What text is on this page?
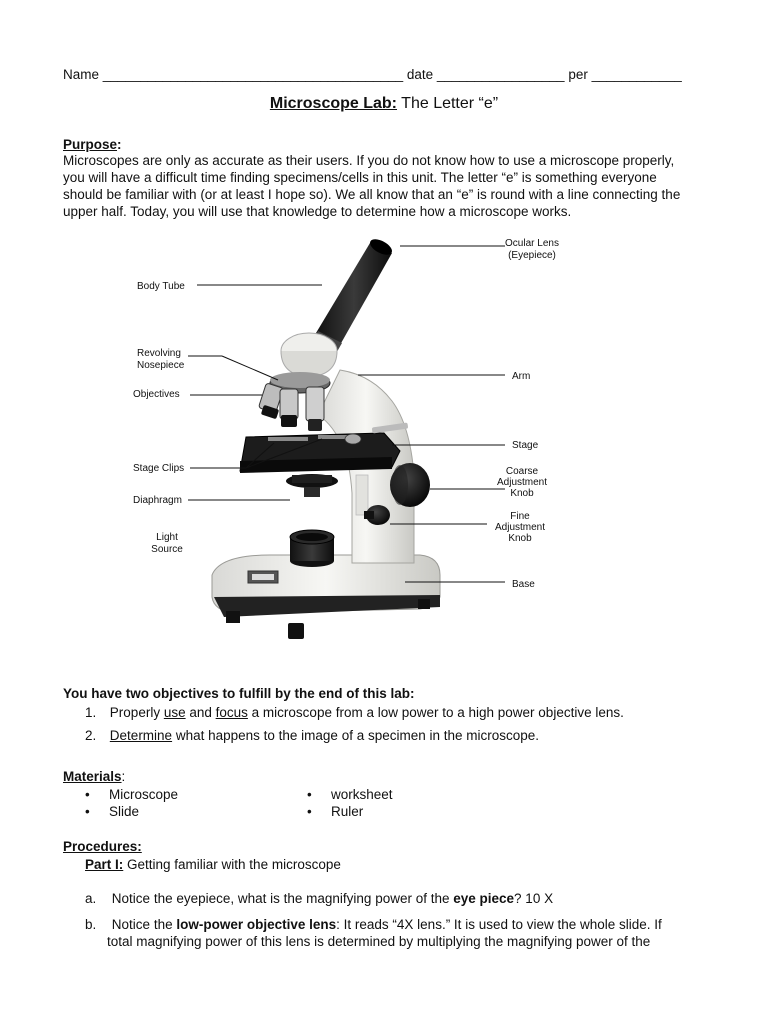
Name ________________________________________ date _________________ per ____________
Microscope Lab: The Letter “e”
Purpose:
Microscopes are only as accurate as their users. If you do not know how to use a microscope properly,
you will have a difficult time finding specimens/cells in this unit. The letter “e” is something everyone
should be familiar with (or at least I hope so). We all know that an “e” is round with a line connecting the
upper half. Today, you will use that knowledge to determine how a microscope works.
Ocular Lens
(Eyepiece)
Body Tube
Revolving
Nosepiece
Arm
Objectives
Stage
Stage Clips	Coarse
Adjustment
Knob
Diaphragm
Fine
Adjustment
Knob
Light
Source
Base
You have two objectives to fulfill by the end of this lab:
1. Properly use and focus a microscope from a low power to a high power objective lens.
2. Determine what happens to the image of a specimen in the microscope.
Materials:
• Microscope
• Slide
• worksheet
• Ruler
Procedures:
Part I: Getting familiar with the microscope
a. Notice the eyepiece, what is the magnifying power of the eye piece? 10 X
b. Notice the low-power objective lens: It reads “4X lens.” It is used to view the whole slide. If
total magnifying power of this lens is determined by multiplying the magnifying power of the
